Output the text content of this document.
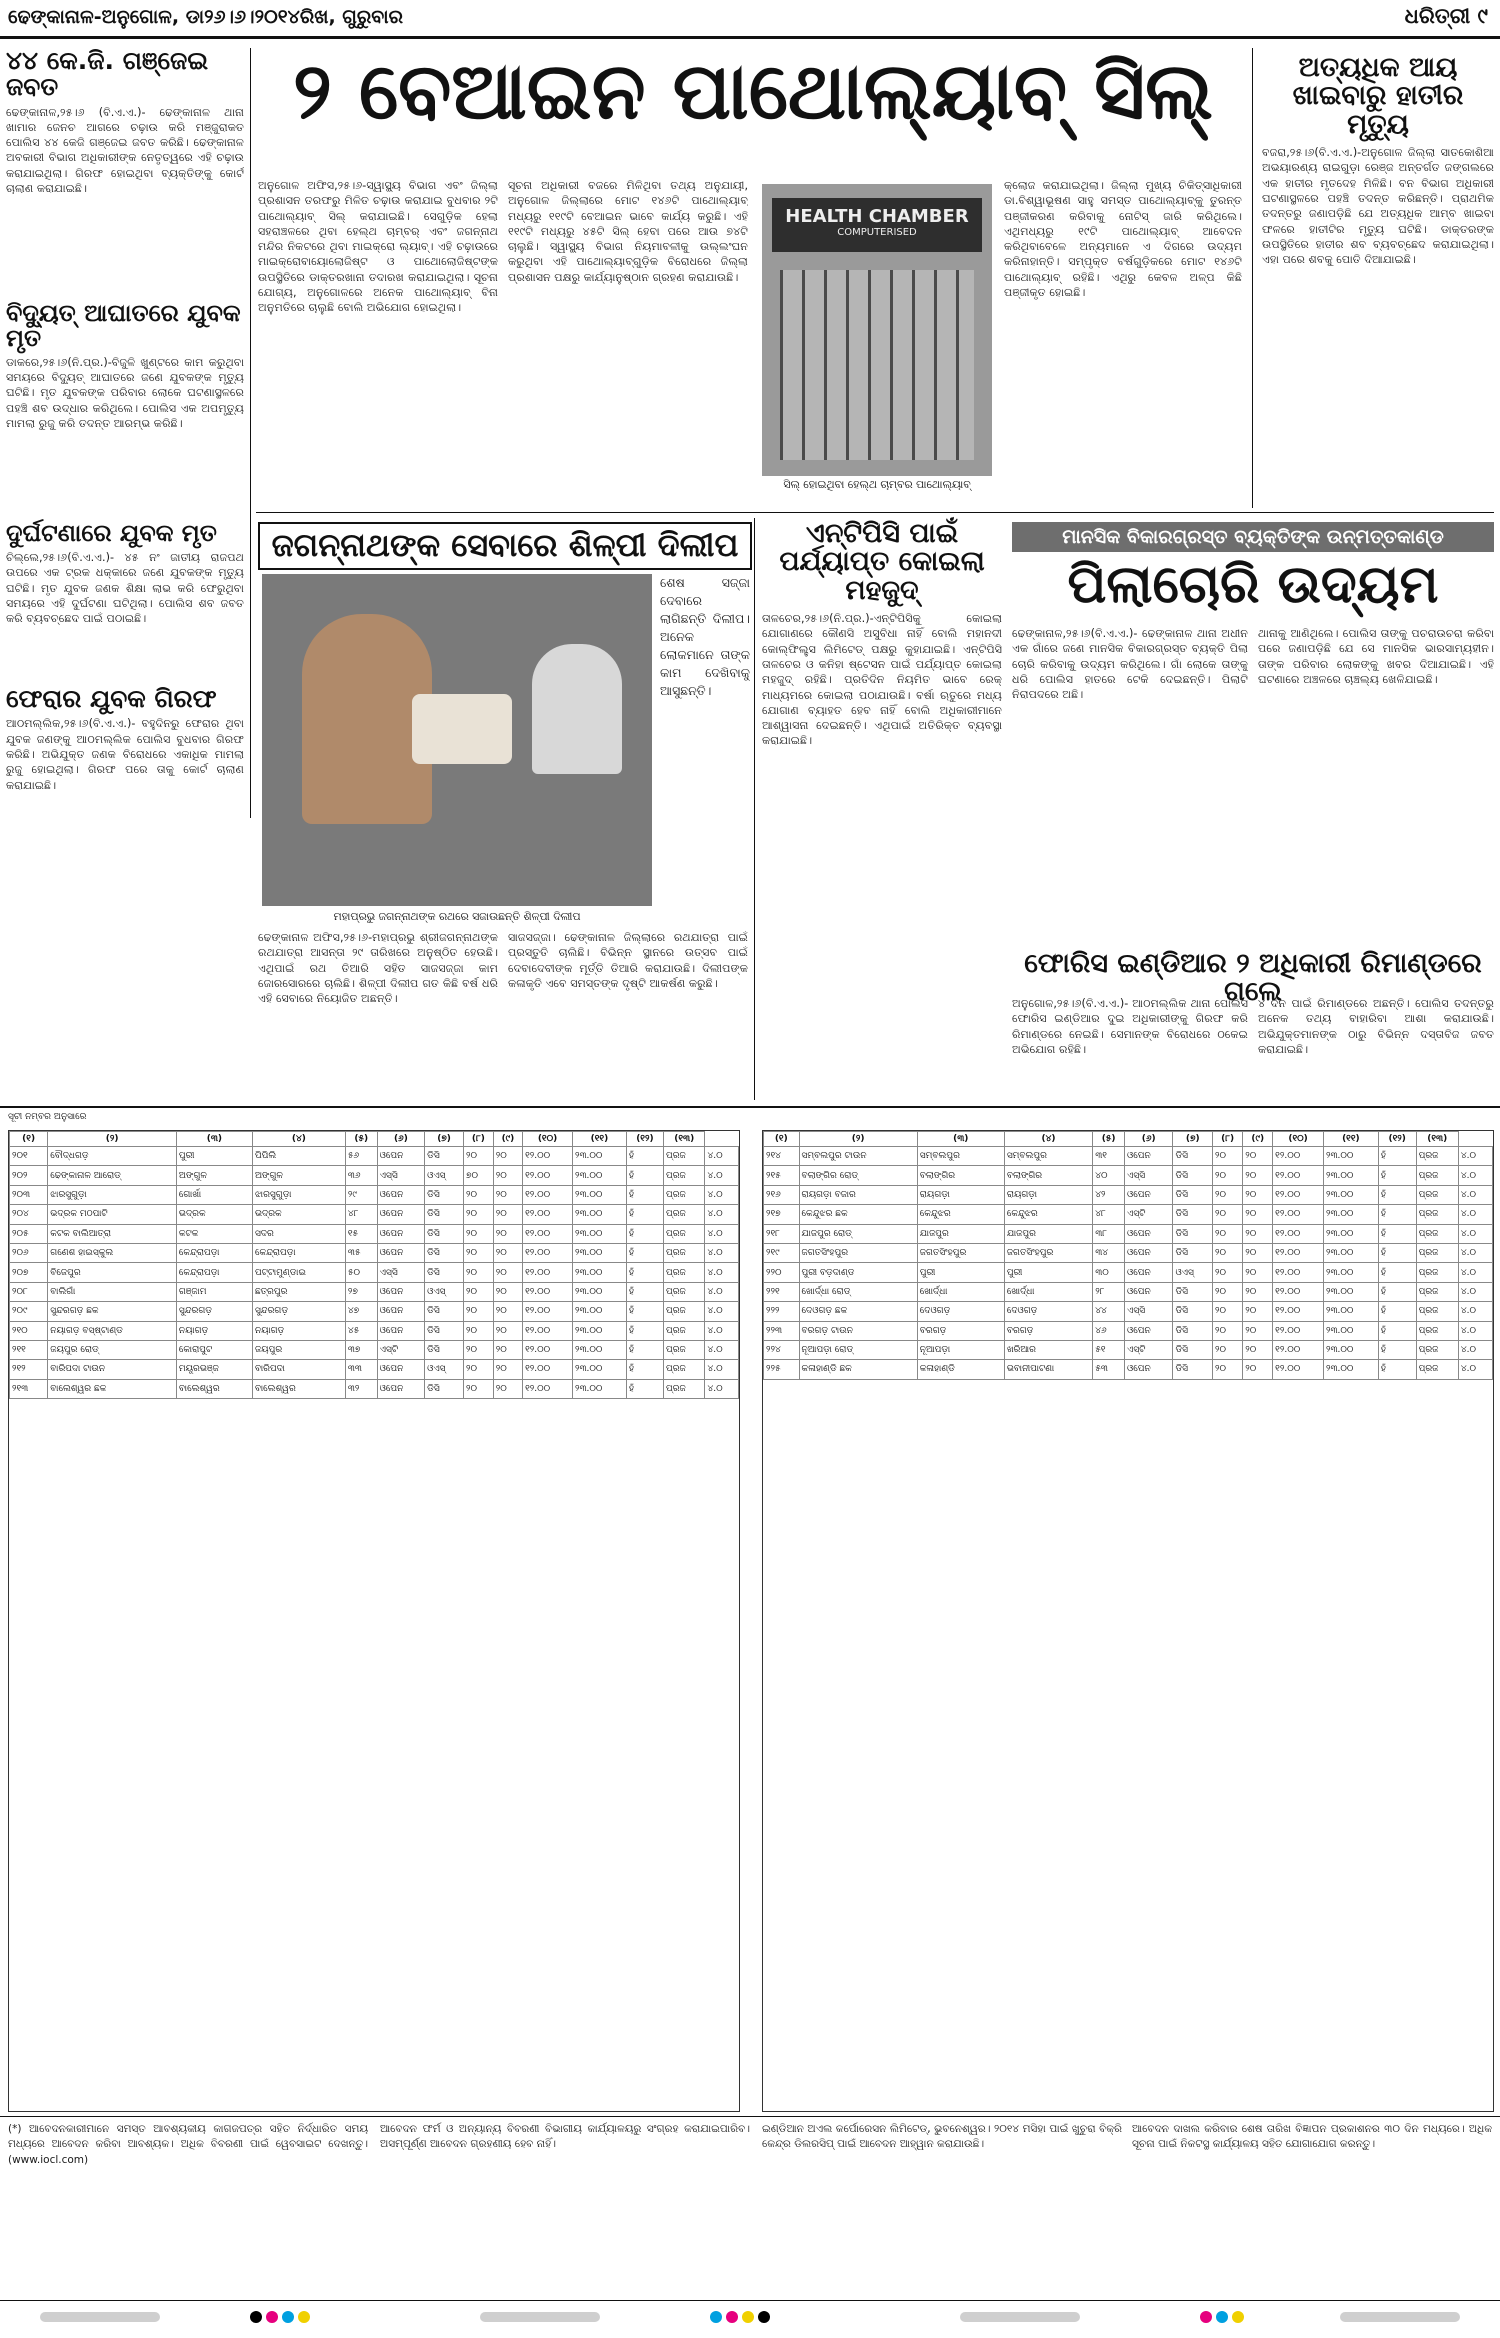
ଢେଙ୍କାନାଳ-ଅନୁଗୋଳ, ଡା୨୬।୬।୨୦୧୪ରିଖ, ଗୁରୁବାର	ଧରିତ୍ରୀ ୯
୪୪ କେ.ଜି. ଗଞ୍ଜେଇ ଜବତ
ଢେଙ୍କାନାଳ,୨୫।୬ (ବି.ଏ.ଏ.)- ଢେଙ୍କାନାଳ ଥାନା ଖାମାର ଜେନଚ ଆଗରେ ଚଢ଼ାଉ କରି ମଞ୍ଜୁରାକତ ପୋଲିସ ୪୪ କେଜି ଗଞ୍ଜେଇ ଜବତ କରିଛି। ଢେଙ୍କାନାଳ ଅବକାରୀ ବିଭାଗ ଅଧିକାରୀଙ୍କ ନେତୃତ୍ୱରେ ଏହି ଚଢ଼ାଉ କରାଯାଇଥିଲା। ଗିରଫ ହୋଇଥିବା ବ୍ୟକ୍ତିଙ୍କୁ କୋର୍ଟ ଚାଲାଣ କରାଯାଇଛି।
ବିଦ୍ୟୁତ୍ ଆଘାତରେ ଯୁବକ ମୃତ
ଡାକରେ,୨୫।୬(ନି.ପ୍ର.)-ବିଜୁଳି ଖୁଣ୍ଟରେ କାମ କରୁଥିବା ସମୟରେ ବିଦ୍ୟୁତ୍ ଆଘାତରେ ଜଣେ ଯୁବକଙ୍କ ମୃତ୍ୟୁ ଘଟିଛି। ମୃତ ଯୁବକଙ୍କ ପରିବାର ଲୋକେ ଘଟଣାସ୍ଥଳରେ ପହଞ୍ଚି ଶବ ଉଦ୍ଧାର କରିଥିଲେ। ପୋଲିସ ଏକ ଅପମୃତ୍ୟୁ ମାମଲା ରୁଜୁ କରି ତଦନ୍ତ ଆରମ୍ଭ କରିଛି।
ଦୁର୍ଘଟଣାରେ ଯୁବକ ମୃତ
ଚିଲ୍ଲେ,୨୫।୬(ବି.ଏ.ଏ.)- ୪୫ ନଂ ଜାତୀୟ ରାଜପଥ ଉପରେ ଏକ ଟ୍ରକ ଧକ୍କାରେ ଜଣେ ଯୁବକଙ୍କ ମୃତ୍ୟୁ ଘଟିଛି। ମୃତ ଯୁବକ ଜଣକ ଶିକ୍ଷା ଲାଭ କରି ଫେରୁଥିବା ସମୟରେ ଏହି ଦୁର୍ଘଟଣା ଘଟିଥିଲା। ପୋଲିସ ଶବ ଜବତ କରି ବ୍ୟବଚ୍ଛେଦ ପାଇଁ ପଠାଇଛି।
ଫେରାର ଯୁବକ ଗିରଫ
ଆଠମଲ୍ଲିକ,୨୫।୬(ବି.ଏ.ଏ.)- ବହୁଦିନରୁ ଫେରାର ଥିବା ଯୁବକ ଜଣଙ୍କୁ ଆଠମଲ୍ଲିକ ପୋଲିସ ବୁଧବାର ଗିରଫ କରିଛି। ଅଭିଯୁକ୍ତ ଜଣକ ବିରୋଧରେ ଏକାଧିକ ମାମଲା ରୁଜୁ ହୋଇଥିଲା। ଗିରଫ ପରେ ତାକୁ କୋର୍ଟ ଚାଲାଣ କରାଯାଇଛି।
୨ ବେଆଇନ ପାଥୋଲ୍ୟାବ୍ ସିଲ୍
ଅନୁଗୋଳ ଅଫିସ,୨୫।୬-ସ୍ୱାସ୍ଥ୍ୟ ବିଭାଗ ଏବଂ ଜିଲ୍ଲା ପ୍ରଶାସନ ତରଫରୁ ମିଳିତ ଚଢ଼ାଉ କରାଯାଇ ବୁଧବାର ୨ଟି ପାଥୋଲ୍ୟାବ୍ ସିଲ୍ କରାଯାଇଛି। ସେଗୁଡ଼ିକ ହେଲା ସହରାଞ୍ଚଳରେ ଥିବା ହେଲ୍ଥ ଚାମ୍ବର୍ ଏବଂ ଜଗନ୍ନାଥ ମନ୍ଦିର ନିକଟରେ ଥିବା ମାଇକ୍ରୋ ଲ୍ୟାବ୍। ଏହି ଚଢ଼ାଉରେ ମାଇକ୍ରୋବାୟୋଲୋଜିଷ୍ଟ ଓ ପାଥୋଲୋଜିଷ୍ଟଙ୍କ ଉପସ୍ଥିତିରେ ଡାକ୍ତରଖାନା ତଦାରଖ କରାଯାଇଥିଲା। ସୂଚନା ଯୋଗ୍ୟ, ଅନୁଗୋଳରେ ଅନେକ ପାଥୋଲ୍ୟାବ୍ ବିନା ଅନୁମତିରେ ଚାଲୁଛି ବୋଲି ଅଭିଯୋଗ ହୋଇଥିଲା।
ସୂଚନା ଅଧିକାରୀ ବଜରେ ମିଳିଥିବା ତଥ୍ୟ ଅନୁଯାୟୀ, ଅନୁଗୋଳ ଜିଲ୍ଲାରେ ମୋଟ ୧୪୬ଟି ପାଥୋଲ୍ୟାବ୍ ମଧ୍ୟରୁ ୧୧୯ଟି ବେଆଇନ ଭାବେ କାର୍ଯ୍ୟ କରୁଛି। ଏହି ୧୧୯ଟି ମଧ୍ୟରୁ ୪୫ଟି ସିଲ୍ ହେବା ପରେ ଆଉ ୭୪ଟି ଚାଲୁଛି। ସ୍ୱାସ୍ଥ୍ୟ ବିଭାଗ ନିୟମାବଳୀକୁ ଉଲ୍ଲଂଘନ କରୁଥିବା ଏହି ପାଥୋଲ୍ୟାବ୍‌ଗୁଡ଼ିକ ବିରୋଧରେ ଜିଲ୍ଲା ପ୍ରଶାସନ ପକ୍ଷରୁ କାର୍ଯ୍ୟାନୁଷ୍ଠାନ ଗ୍ରହଣ କରାଯାଉଛି।
HEALTH CHAMBER
COMPUTERISED
ସିଲ୍ ହୋଇଥିବା ହେଲ୍ଥ ଚାମ୍ବର ପାଥୋଲ୍ୟାବ୍
କ୍ଲୋଜ କରାଯାଇଥିଲା। ଜିଲ୍ଲା ମୁଖ୍ୟ ଚିକିତ୍ସାଧିକାରୀ ଡା.ବିଶ୍ୱାଭୂଷଣ ସାହୁ ସମସ୍ତ ପାଥୋଲ୍ୟାବ୍‌କୁ ତୁରନ୍ତ ପଞ୍ଜୀକରଣ କରିବାକୁ ନୋଟିସ୍ ଜାରି କରିଥିଲେ। ଏଥିମଧ୍ୟରୁ ୧୯ଟି ପାଥୋଲ୍ୟାବ୍ ଆବେଦନ କରିଥିବାବେଳେ ଅନ୍ୟମାନେ ଏ ଦିଗରେ ଉଦ୍ୟମ କରିନାହାନ୍ତି। ସମ୍ପୃକ୍ତ ବର୍ଷଗୁଡ଼ିକରେ ମୋଟ ୧୪୬ଟି ପାଥୋଲ୍ୟାବ୍ ରହିଛି। ଏଥିରୁ କେବଳ ଅଳ୍ପ କିଛି ପଞ୍ଜୀକୃତ ହୋଇଛି।
ଅତ୍ୟଧିକ ଆୟ ଖାଇବାରୁ ହାତୀର ମୃତ୍ୟୁ
ବଜରା,୨୫।୬(ବି.ଏ.ଏ.)-ଅନୁଗୋଳ ଜିଲ୍ଲା ସାତକୋଶିଆ ଅଭୟାରଣ୍ୟ ରାଇଗୁଡ଼ା ରେଞ୍ଜ ଅନ୍ତର୍ଗତ ଜଙ୍ଗଲରେ ଏକ ହାତୀର ମୃତଦେହ ମିଳିଛି। ବନ ବିଭାଗ ଅଧିକାରୀ ଘଟଣାସ୍ଥଳରେ ପହଞ୍ଚି ତଦନ୍ତ କରିଛନ୍ତି। ପ୍ରାଥମିକ ତଦନ୍ତରୁ ଜଣାପଡ଼ିଛି ଯେ ଅତ୍ୟଧିକ ଆମ୍ବ ଖାଇବା ଫଳରେ ହାତୀଟିର ମୃତ୍ୟୁ ଘଟିଛି। ଡାକ୍ତରଙ୍କ ଉପସ୍ଥିତିରେ ହାତୀର ଶବ ବ୍ୟବଚ୍ଛେଦ କରାଯାଇଥିଲା। ଏହା ପରେ ଶବକୁ ପୋତି ଦିଆଯାଇଛି।
ଜଗନ୍ନାଥଙ୍କ ସେବାରେ ଶିଳ୍ପୀ ଦିଲୀପ
ଶେଷ ସଜ୍ଜା ଦେବାରେ ଲାଗିଛନ୍ତି ଦିଲୀପ। ଅନେକ ଲୋକମାନେ ତାଙ୍କ କାମ ଦେଖିବାକୁ ଆସୁଛନ୍ତି।
ମହାପ୍ରଭୁ ଜଗନ୍ନାଥଙ୍କ ରଥରେ ସଜାଉଛନ୍ତି ଶିଳ୍ପୀ ଦିଲୀପ
ଢେଙ୍କାନାଳ ଅଫିସ,୨୫।୬-ମହାପ୍ରଭୁ ଶ୍ରୀଜଗନ୍ନାଥଙ୍କ ରଥଯାତ୍ରା ଆସନ୍ତା ୨୯ ତାରିଖରେ ଅନୁଷ୍ଠିତ ହେଉଛି। ଏଥିପାଇଁ ରଥ ତିଆରି ସହିତ ସାଜସଜ୍ଜା କାମ ଜୋରସୋରରେ ଚାଲିଛି। ଶିଳ୍ପୀ ଦିଲୀପ ଗତ କିଛି ବର୍ଷ ଧରି ଏହି ସେବାରେ ନିୟୋଜିତ ଅଛନ୍ତି।
ସାଜସଜ୍ଜା। ଢେଙ୍କାନାଳ ଜିଲ୍ଲାରେ ରଥଯାତ୍ରା ପାଇଁ ପ୍ରସ୍ତୁତି ଚାଲିଛି। ବିଭିନ୍ନ ସ୍ଥାନରେ ଉତ୍ସବ ପାଇଁ ଦେବାଦେବୀଙ୍କ ମୂର୍ତ୍ତି ତିଆରି କରାଯାଉଛି। ଦିଲୀପଙ୍କ କଳାକୃତି ଏବେ ସମସ୍ତଙ୍କ ଦୃଷ୍ଟି ଆକର୍ଷଣ କରୁଛି।
ଏନ୍‌ଟିପିସି ପାଇଁ ପର୍ଯ୍ୟାପ୍ତ କୋଇଲା ମହଜୁଦ୍
ତାଳଚେର,୨୫।୬(ନି.ପ୍ର.)-ଏନ୍‌ଟିପିସିକୁ କୋଇଲା ଯୋଗାଣରେ କୌଣସି ଅସୁବିଧା ନାହିଁ ବୋଲି ମହାନଦୀ କୋଲ୍‌ଫିଲ୍ଡ୍ସ ଲିମିଟେଡ୍ ପକ୍ଷରୁ କୁହାଯାଇଛି। ଏନ୍‌ଟିପିସି ତାଳଚେର ଓ କନିହା ଷ୍ଟେସନ ପାଇଁ ପର୍ଯ୍ୟାପ୍ତ କୋଇଲା ମହଜୁଦ୍ ରହିଛି। ପ୍ରତିଦିନ ନିୟମିତ ଭାବେ ରେକ୍ ମାଧ୍ୟମରେ କୋଇଲା ପଠାଯାଉଛି। ବର୍ଷା ଋତୁରେ ମଧ୍ୟ ଯୋଗାଣ ବ୍ୟାହତ ହେବ ନାହିଁ ବୋଲି ଅଧିକାରୀମାନେ ଆଶ୍ୱାସନା ଦେଇଛନ୍ତି। ଏଥିପାଇଁ ଅତିରିକ୍ତ ବ୍ୟବସ୍ଥା କରାଯାଇଛି।
ମାନସିକ ବିକାରଗ୍ରସ୍ତ ବ୍ୟକ୍ତିଙ୍କ ଉନ୍ମତ୍ତକାଣ୍ଡ
ପିଲାଚୋରି ଉଦ୍ୟମ
ଢେଙ୍କାନାଳ,୨୫।୬(ବି.ଏ.ଏ.)- ଢେଙ୍କାନାଳ ଥାନା ଅଧୀନ ଏକ ଗାଁରେ ଜଣେ ମାନସିକ ବିକାରଗ୍ରସ୍ତ ବ୍ୟକ୍ତି ପିଲା ଚୋରି କରିବାକୁ ଉଦ୍ୟମ କରିଥିଲେ। ଗାଁ ଲୋକେ ତାଙ୍କୁ ଧରି ପୋଲିସ ହାତରେ ଟେକି ଦେଇଛନ୍ତି। ପିଲାଟି ନିରାପଦରେ ଅଛି।
ଥାନାକୁ ଆଣିଥିଲେ। ପୋଲିସ ତାଙ୍କୁ ପଚରାଉଚରା କରିବା ପରେ ଜଣାପଡ଼ିଛି ଯେ ସେ ମାନସିକ ଭାରସାମ୍ୟହୀନ। ତାଙ୍କ ପରିବାର ଲୋକଙ୍କୁ ଖବର ଦିଆଯାଇଛି। ଏହି ଘଟଣାରେ ଅଞ୍ଚଳରେ ଚାଞ୍ଚଲ୍ୟ ଖେଳିଯାଇଛି।
ଫୋରିସ ଇଣ୍ଡିଆର ୨ ଅଧିକାରୀ ରିମାଣ୍ଡରେ ଗଲେ
ଅନୁଗୋଳ,୨୫।୬(ବି.ଏ.ଏ.)- ଆଠମଲ୍ଲିକ ଥାନା ପୋଲିସ ଫୋରିସ ଇଣ୍ଡିଆର ଦୁଇ ଅଧିକାରୀଙ୍କୁ ଗିରଫ କରି ରିମାଣ୍ଡରେ ନେଇଛି। ସେମାନଙ୍କ ବିରୋଧରେ ଠକେଇ ଅଭିଯୋଗ ରହିଛି।
୪ ଦିନ ପାଇଁ ରିମାଣ୍ଡରେ ଅଛନ୍ତି। ପୋଲିସ ତଦନ୍ତରୁ ଅନେକ ତଥ୍ୟ ବାହାରିବା ଆଶା କରାଯାଉଛି। ଅଭିଯୁକ୍ତମାନଙ୍କ ଠାରୁ ବିଭିନ୍ନ ଦସ୍ତାବିଜ ଜବତ କରାଯାଇଛି।
ସୂଚୀ ନମ୍ବର ଅନୁସାରେ
(୧)	(୨)	(୩)	(୪)	(୫)	(୬)	(୭)	(୮)	(୯)	(୧୦)	(୧୧)	(୧୨)	(୧୩)	
୨୦୧	ବୌଦ୍ଧଗଡ଼	ପୁରୀ	ପିପିଲି	୫୬	ଓପେନ	ଡିସି	୨୦	୨୦	୧୨.୦୦	୨୩.୦୦	ହଁ	ପ୍ରଜ	୪.୦
୨୦୨	ଢେଙ୍କାନାଳ ଆରୋଡ୍	ଅଙ୍ଗୁଳ	ଅଙ୍ଗୁଳ	୩୬	ଏସ୍‌ସି	ଓଏସ୍	୭୦	୨୦	୧୨.୦୦	୨୩.୦୦	ହଁ	ପ୍ରଜ	୪.୦
୨୦୩	ଝାରସୁଗୁଡ଼ା	ଗୋର୍ଖା	ଝାରସୁଗୁଡ଼ା	୨୯	ଓପେନ	ଡିସି	୨୦	୨୦	୧୨.୦୦	୨୩.୦୦	ହଁ	ପ୍ରଜ	୪.୦
୨୦୪	ଭଦ୍ରକ ମଠପାଟି	ଭଦ୍ରକ	ଭଦ୍ରକ	୪୮	ଓପେନ	ଡିସି	୨୦	୨୦	୧୨.୦୦	୨୩.୦୦	ହଁ	ପ୍ରଜ	୪.୦
୨୦୫	କଟକ ବାଲିଆତ୍ରା	କଟକ	ସଦର	୧୫	ଓପେନ	ଡିସି	୨୦	୨୦	୧୨.୦୦	୨୩.୦୦	ହଁ	ପ୍ରଜ	୪.୦
୨୦୬	ଗଣେଶ ହାଇସ୍କୁଲ	କେନ୍ଦ୍ରାପଡ଼ା	କେନ୍ଦ୍ରାପଡ଼ା	୩୫	ଓପେନ	ଡିସି	୨୦	୨୦	୧୨.୦୦	୨୩.୦୦	ହଁ	ପ୍ରଜ	୪.୦
୨୦୭	ବିଜେପୁର	କେନ୍ଦ୍ରାପଡ଼ା	ପଟ୍ଟାମୁଣ୍ଡାଇ	୫୦	ଏସ୍‌ସି	ଡିସି	୨୦	୨୦	୧୨.୦୦	୨୩.୦୦	ହଁ	ପ୍ରଜ	୪.୦
୨୦୮	ବାଲିଗାଁ	ଗଞ୍ଜାମ	ଛତ୍ରପୁର	୨୭	ଓପେନ	ଓଏସ୍	୨୦	୨୦	୧୨.୦୦	୨୩.୦୦	ହଁ	ପ୍ରଜ	୪.୦
୨୦୯	ସୁନ୍ଦରଗଡ଼ ଛକ	ସୁନ୍ଦରଗଡ଼	ସୁନ୍ଦରଗଡ଼	୪୭	ଓପେନ	ଡିସି	୨୦	୨୦	୧୨.୦୦	୨୩.୦୦	ହଁ	ପ୍ରଜ	୪.୦
୨୧୦	ନୟାଗଡ଼ ବସ୍‌ଷ୍ଟାଣ୍ଡ	ନୟାଗଡ଼	ନୟାଗଡ଼	୪୫	ଓପେନ	ଡିସି	୨୦	୨୦	୧୨.୦୦	୨୩.୦୦	ହଁ	ପ୍ରଜ	୪.୦
୨୧୧	ଜୟପୁର ରୋଡ୍	କୋରାପୁଟ	ଜୟପୁର	୩୭	ଏସ୍‌ଟି	ଡିସି	୨୦	୨୦	୧୨.୦୦	୨୩.୦୦	ହଁ	ପ୍ରଜ	୪.୦
୨୧୨	ବାରିପଦା ଟାଉନ	ମୟୂରଭଞ୍ଜ	ବାରିପଦା	୩୩	ଓପେନ	ଓଏସ୍	୨୦	୨୦	୧୨.୦୦	୨୩.୦୦	ହଁ	ପ୍ରଜ	୪.୦
୨୧୩	ବାଲେଶ୍ୱର ଛକ	ବାଲେଶ୍ୱର	ବାଲେଶ୍ୱର	୩୨	ଓପେନ	ଡିସି	୨୦	୨୦	୧୨.୦୦	୨୩.୦୦	ହଁ	ପ୍ରଜ	୪.୦
(୧)	(୨)	(୩)	(୪)	(୫)	(୬)	(୭)	(୮)	(୯)	(୧୦)	(୧୧)	(୧୨)	(୧୩)	
୨୧୪	ସମ୍ବଲପୁର ଟାଉନ	ସମ୍ବଲପୁର	ସମ୍ବଲପୁର	୩୧	ଓପେନ	ଡିସି	୨୦	୨୦	୧୨.୦୦	୨୩.୦୦	ହଁ	ପ୍ରଜ	୪.୦
୨୧୫	ବଲାଙ୍ଗିର ରୋଡ୍	ବଲାଙ୍ଗିର	ବଲାଙ୍ଗିର	୪୦	ଏସ୍‌ସି	ଡିସି	୨୦	୨୦	୧୨.୦୦	୨୩.୦୦	ହଁ	ପ୍ରଜ	୪.୦
୨୧୬	ରାୟଗଡ଼ା ବଜାର	ରାୟଗଡ଼ା	ରାୟଗଡ଼ା	୪୨	ଓପେନ	ଡିସି	୨୦	୨୦	୧୨.୦୦	୨୩.୦୦	ହଁ	ପ୍ରଜ	୪.୦
୨୧୭	କେନ୍ଦୁଝର ଛକ	କେନ୍ଦୁଝର	କେନ୍ଦୁଝର	୪୮	ଏସ୍‌ଟି	ଡିସି	୨୦	୨୦	୧୨.୦୦	୨୩.୦୦	ହଁ	ପ୍ରଜ	୪.୦
୨୧୮	ଯାଜପୁର ରୋଡ୍	ଯାଜପୁର	ଯାଜପୁର	୩୮	ଓପେନ	ଡିସି	୨୦	୨୦	୧୨.୦୦	୨୩.୦୦	ହଁ	ପ୍ରଜ	୪.୦
୨୧୯	ଜଗତସିଂହପୁର	ଜଗତସିଂହପୁର	ଜଗତସିଂହପୁର	୩୪	ଓପେନ	ଡିସି	୨୦	୨୦	୧୨.୦୦	୨୩.୦୦	ହଁ	ପ୍ରଜ	୪.୦
୨୨୦	ପୁରୀ ବଡ଼ଦାଣ୍ଡ	ପୁରୀ	ପୁରୀ	୩୦	ଓପେନ	ଓଏସ୍	୨୦	୨୦	୧୨.୦୦	୨୩.୦୦	ହଁ	ପ୍ରଜ	୪.୦
୨୨୧	ଖୋର୍ଦ୍ଧା ରୋଡ୍	ଖୋର୍ଦ୍ଧା	ଖୋର୍ଦ୍ଧା	୨୮	ଓପେନ	ଡିସି	୨୦	୨୦	୧୨.୦୦	୨୩.୦୦	ହଁ	ପ୍ରଜ	୪.୦
୨୨୨	ଦେଓଗଡ଼ ଛକ	ଦେଓଗଡ଼	ଦେଓଗଡ଼	୪୪	ଏସ୍‌ସି	ଡିସି	୨୦	୨୦	୧୨.୦୦	୨୩.୦୦	ହଁ	ପ୍ରଜ	୪.୦
୨୨୩	ବରଗଡ଼ ଟାଉନ	ବରଗଡ଼	ବରଗଡ଼	୪୬	ଓପେନ	ଡିସି	୨୦	୨୦	୧୨.୦୦	୨୩.୦୦	ହଁ	ପ୍ରଜ	୪.୦
୨୨୪	ନୂଆପଡ଼ା ରୋଡ୍	ନୂଆପଡ଼ା	ଖରିଆର	୫୧	ଏସ୍‌ଟି	ଡିସି	୨୦	୨୦	୧୨.୦୦	୨୩.୦୦	ହଁ	ପ୍ରଜ	୪.୦
୨୨୫	କଳାହାଣ୍ଡି ଛକ	କଳାହାଣ୍ଡି	ଭବାନୀପାଟଣା	୫୩	ଓପେନ	ଡିସି	୨୦	୨୦	୧୨.୦୦	୨୩.୦୦	ହଁ	ପ୍ରଜ	୪.୦
(*) ଆବେଦନକାରୀମାନେ ସମସ୍ତ ଆବଶ୍ୟକୀୟ କାଗଜପତ୍ର ସହିତ ନିର୍ଦ୍ଧାରିତ ସମୟ ମଧ୍ୟରେ ଆବେଦନ କରିବା ଆବଶ୍ୟକ। ଅଧିକ ବିବରଣୀ ପାଇଁ ୱେବସାଇଟ ଦେଖନ୍ତୁ। (www.iocl.com)
ଆବେଦନ ଫର୍ମ ଓ ଅନ୍ୟାନ୍ୟ ବିବରଣୀ ବିଭାଗୀୟ କାର୍ଯ୍ୟାଳୟରୁ ସଂଗ୍ରହ କରାଯାଇପାରିବ। ଅସମ୍ପୂର୍ଣ୍ଣ ଆବେଦନ ଗ୍ରହଣୀୟ ହେବ ନାହିଁ।
ଇଣ୍ଡିଆନ ଅଏଲ କର୍ପୋରେସନ ଲିମିଟେଡ୍, ଭୁବନେଶ୍ୱର। ୨୦୧୪ ମସିହା ପାଇଁ ଖୁଚୁରା ବିକ୍ରି କେନ୍ଦ୍ର ଡିଲରସିପ୍ ପାଇଁ ଆବେଦନ ଆହ୍ୱାନ କରାଯାଉଛି।
ଆବେଦନ ଦାଖଲ କରିବାର ଶେଷ ତାରିଖ ବିଜ୍ଞାପନ ପ୍ରକାଶନର ୩୦ ଦିନ ମଧ୍ୟରେ। ଅଧିକ ସୂଚନା ପାଇଁ ନିକଟସ୍ଥ କାର୍ଯ୍ୟାଳୟ ସହିତ ଯୋଗାଯୋଗ କରନ୍ତୁ।
